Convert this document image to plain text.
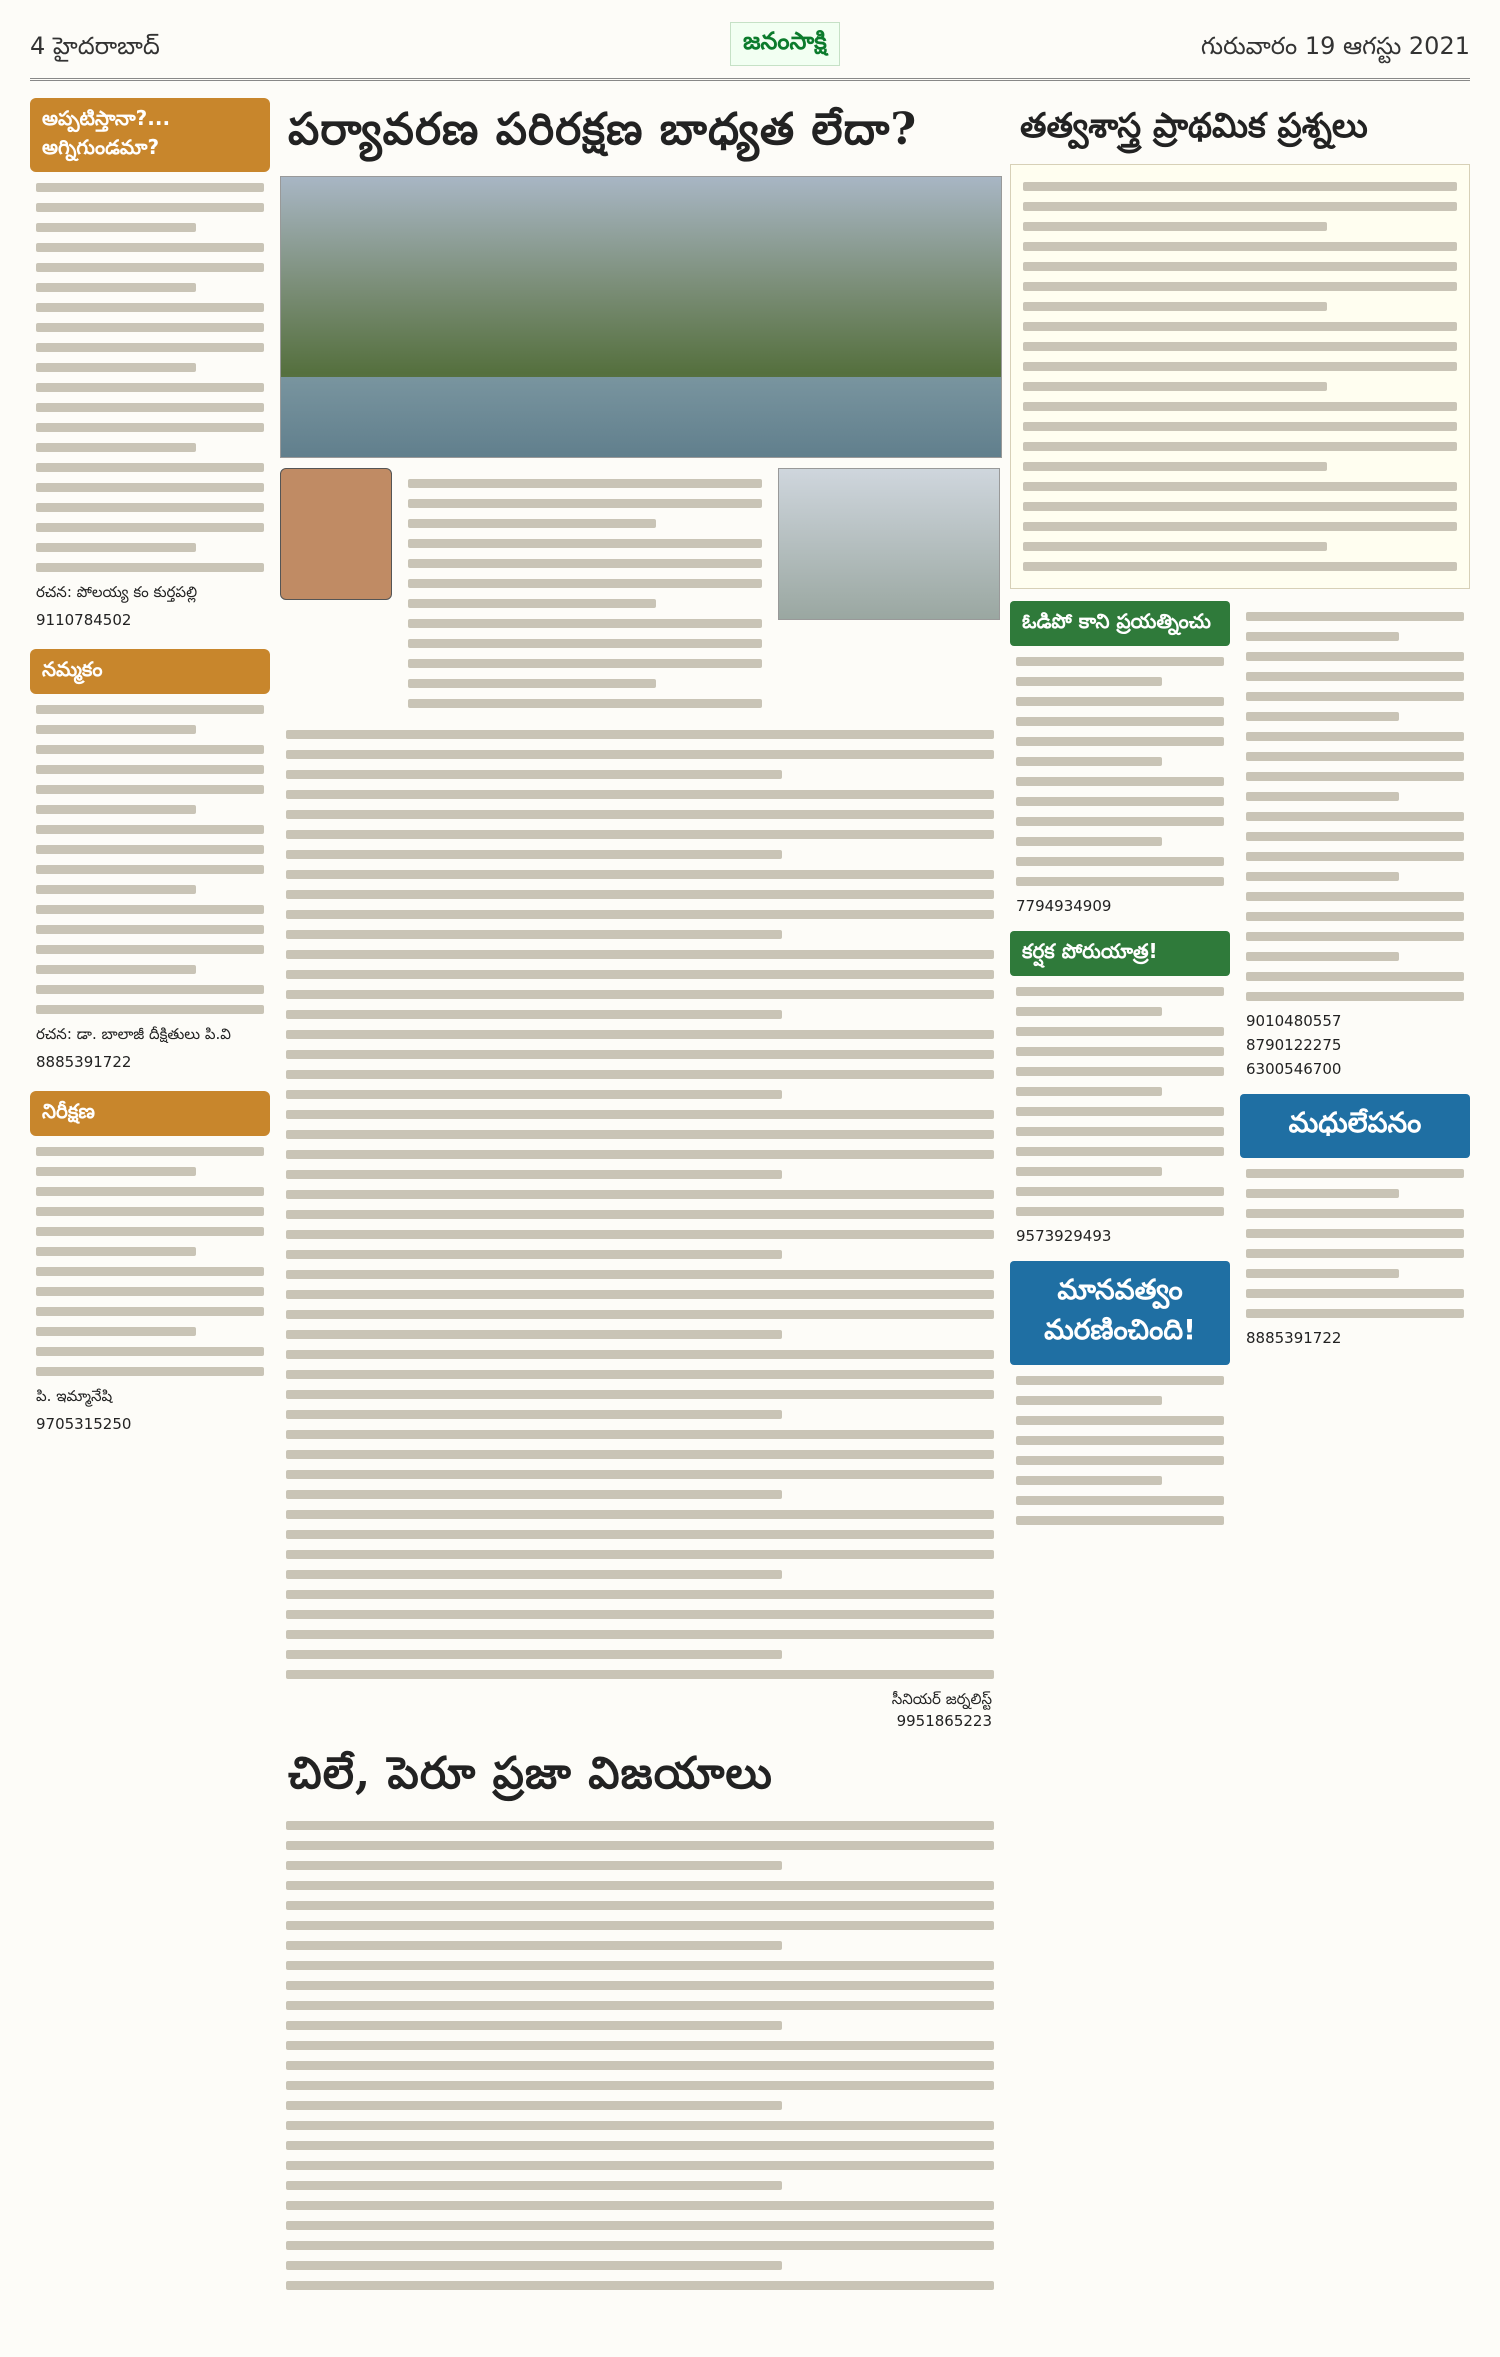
4 హైదరాబాద్	జనంసాక్షి	గురువారం 19 ఆగస్టు 2021
అప్పటిస్తానా?... అగ్నిగుండమా?
రచన: పోలయ్య కం కుర్తపల్లి
9110784502
నమ్మకం
రచన: డా. బాలాజీ దీక్షితులు పి.వి
8885391722
నిరీక్షణ
పి. ఇమ్మానేషి
9705315250
పర్యావరణ పరిరక్షణ బాధ్యత లేదా?
సీనియర్ జర్నలిస్ట్
9951865223
చిలే, పెరూ ప్రజా విజయాలు
తత్వశాస్త్ర ప్రాథమిక ప్రశ్నలు
ఓడిపో కాని ప్రయత్నించు
7794934909
కర్షక పోరుయాత్ర!
9573929493
మానవత్వం మరణించింది!
9010480557
8790122275
6300546700
మధులేపనం
8885391722
